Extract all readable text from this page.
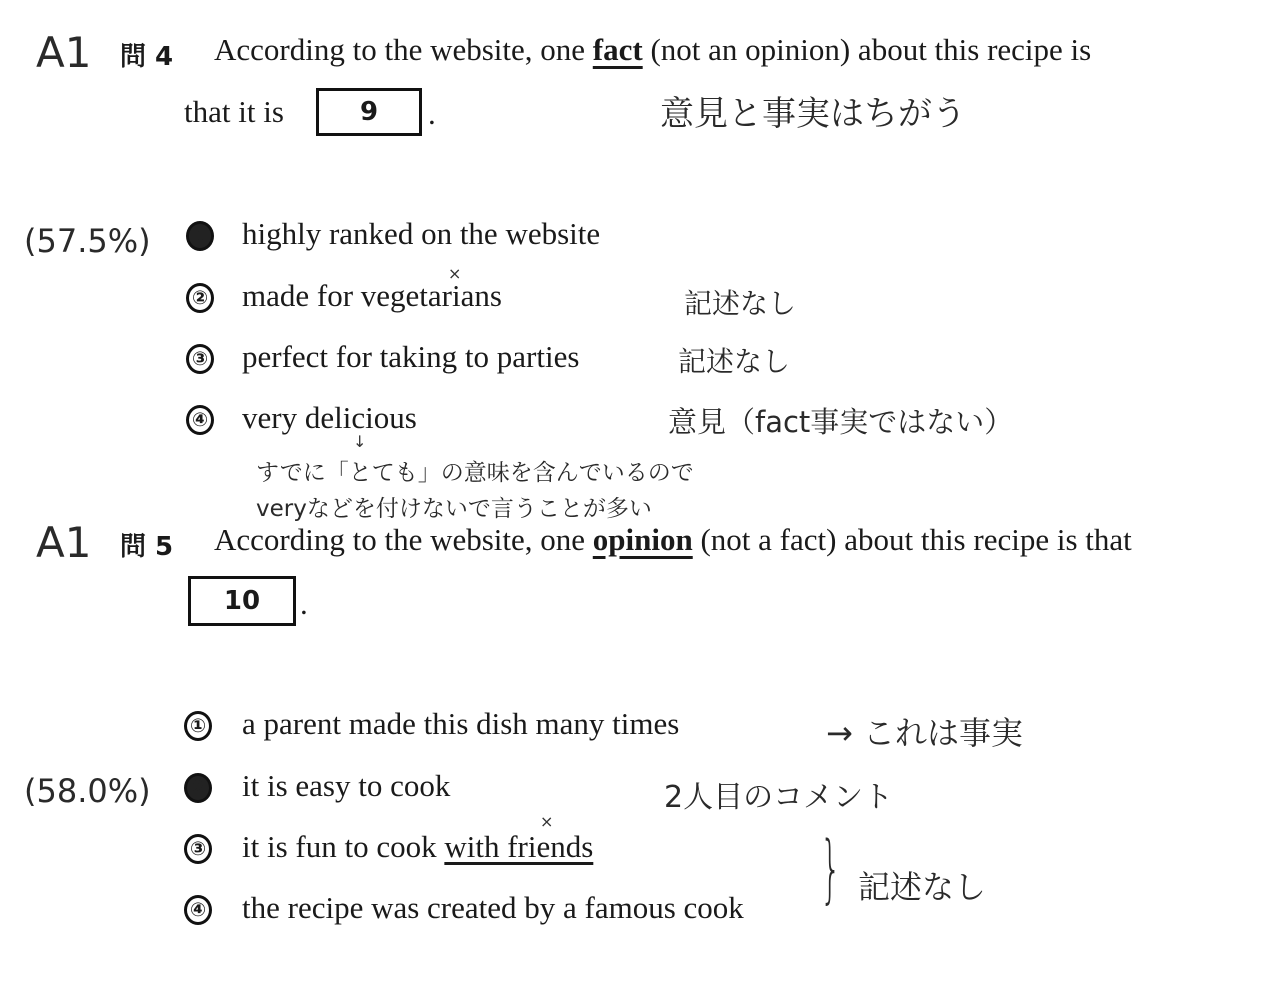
A1 問 4 According to the website, one fact (not an opinion) about this recipe is
that it is	9	.	意見と事実はちがう
(57.5%)	1 highly ranked on the website
② made for vegetarians
×
記述なし
③ perfect for taking to parties	記述なし
④ very delicious	意見（fact事実ではない）
↓
すでに「とても」の意味を含んでいるので
veryなどを付けないで言うことが多い
A1 問 5 According to the website, one opinion (not a fact) about this recipe is that
10	.
① a parent made this dish many times	→ これは事実
(58.0%)	2 it is easy to cook	2人目のコメント
③ it is fun to cook with friends
×
④ the recipe was created by a famous cook } 記述なし
